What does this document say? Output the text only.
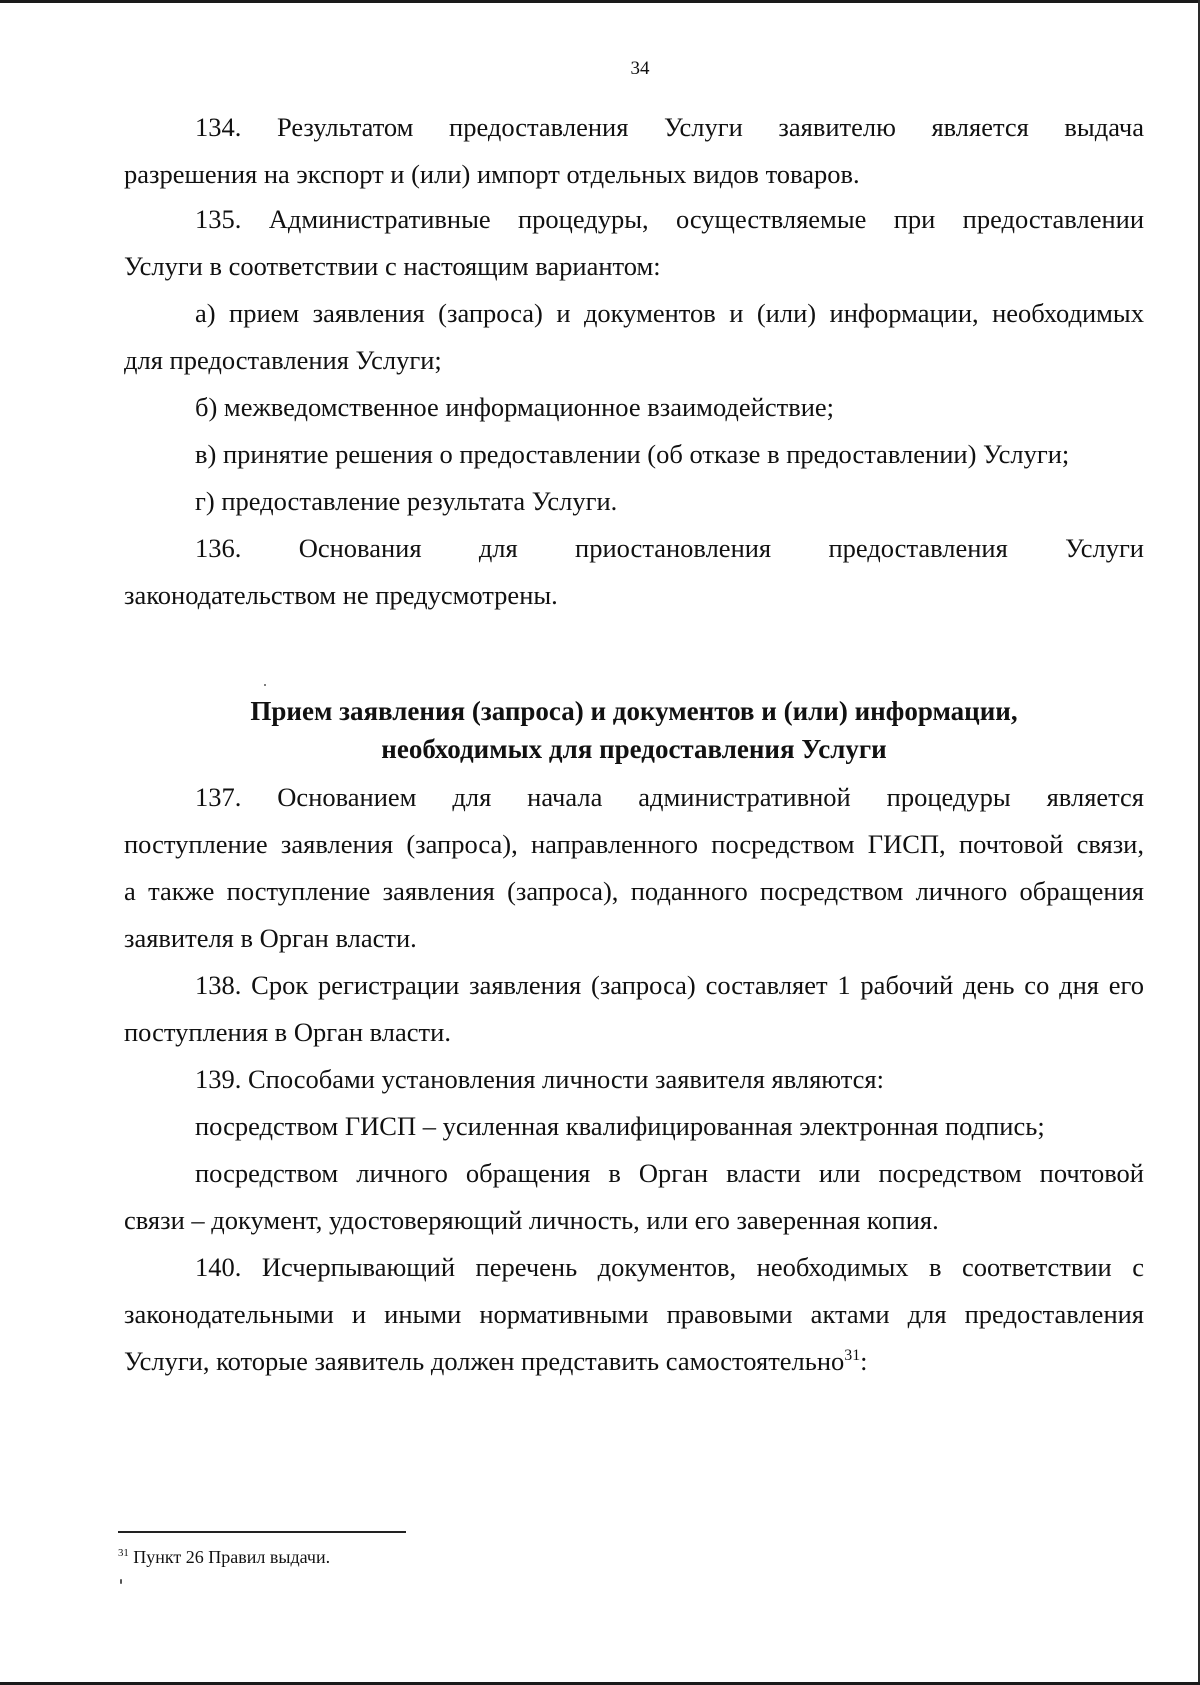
34
134. Результатом предоставления Услуги заявителю является выдача
разрешения на экспорт и (или) импорт отдельных видов товаров.
135. Административные процедуры, осуществляемые при предоставлении
Услуги в соответствии с настоящим вариантом:
а) прием заявления (запроса) и документов и (или) информации, необходимых
для предоставления Услуги;

б) межведомственное информационное взаимодействие;

в) принятие решения о предоставлении (об отказе в предоставлении) Услуги;

г) предоставление результата Услуги.

136. Основания для приостановления предоставления Услуги
законодательством не предусмотрены.
Прием заявления (запроса) и документов и (или) информации,
необходимых для предоставления Услуги
137. Основанием для начала административной процедуры является
поступление заявления (запроса), направленного посредством ГИСП, почтовой связи,
а также поступление заявления (запроса), поданного посредством личного обращения
заявителя в Орган власти.
138. Срок регистрации заявления (запроса) составляет 1 рабочий день со дня его
поступления в Орган власти.

139. Способами установления личности заявителя являются:

посредством ГИСП – усиленная квалифицированная электронная подпись;

посредством личного обращения в Орган власти или посредством почтовой
связи – документ, удостоверяющий личность, или его заверенная копия.
140. Исчерпывающий перечень документов, необходимых в соответствии с
законодательными и иными нормативными правовыми актами для предоставления
Услуги, которые заявитель должен представить самостоятельно$^{31}$:
$^{31}$ Пункт 26 Правил выдачи.
